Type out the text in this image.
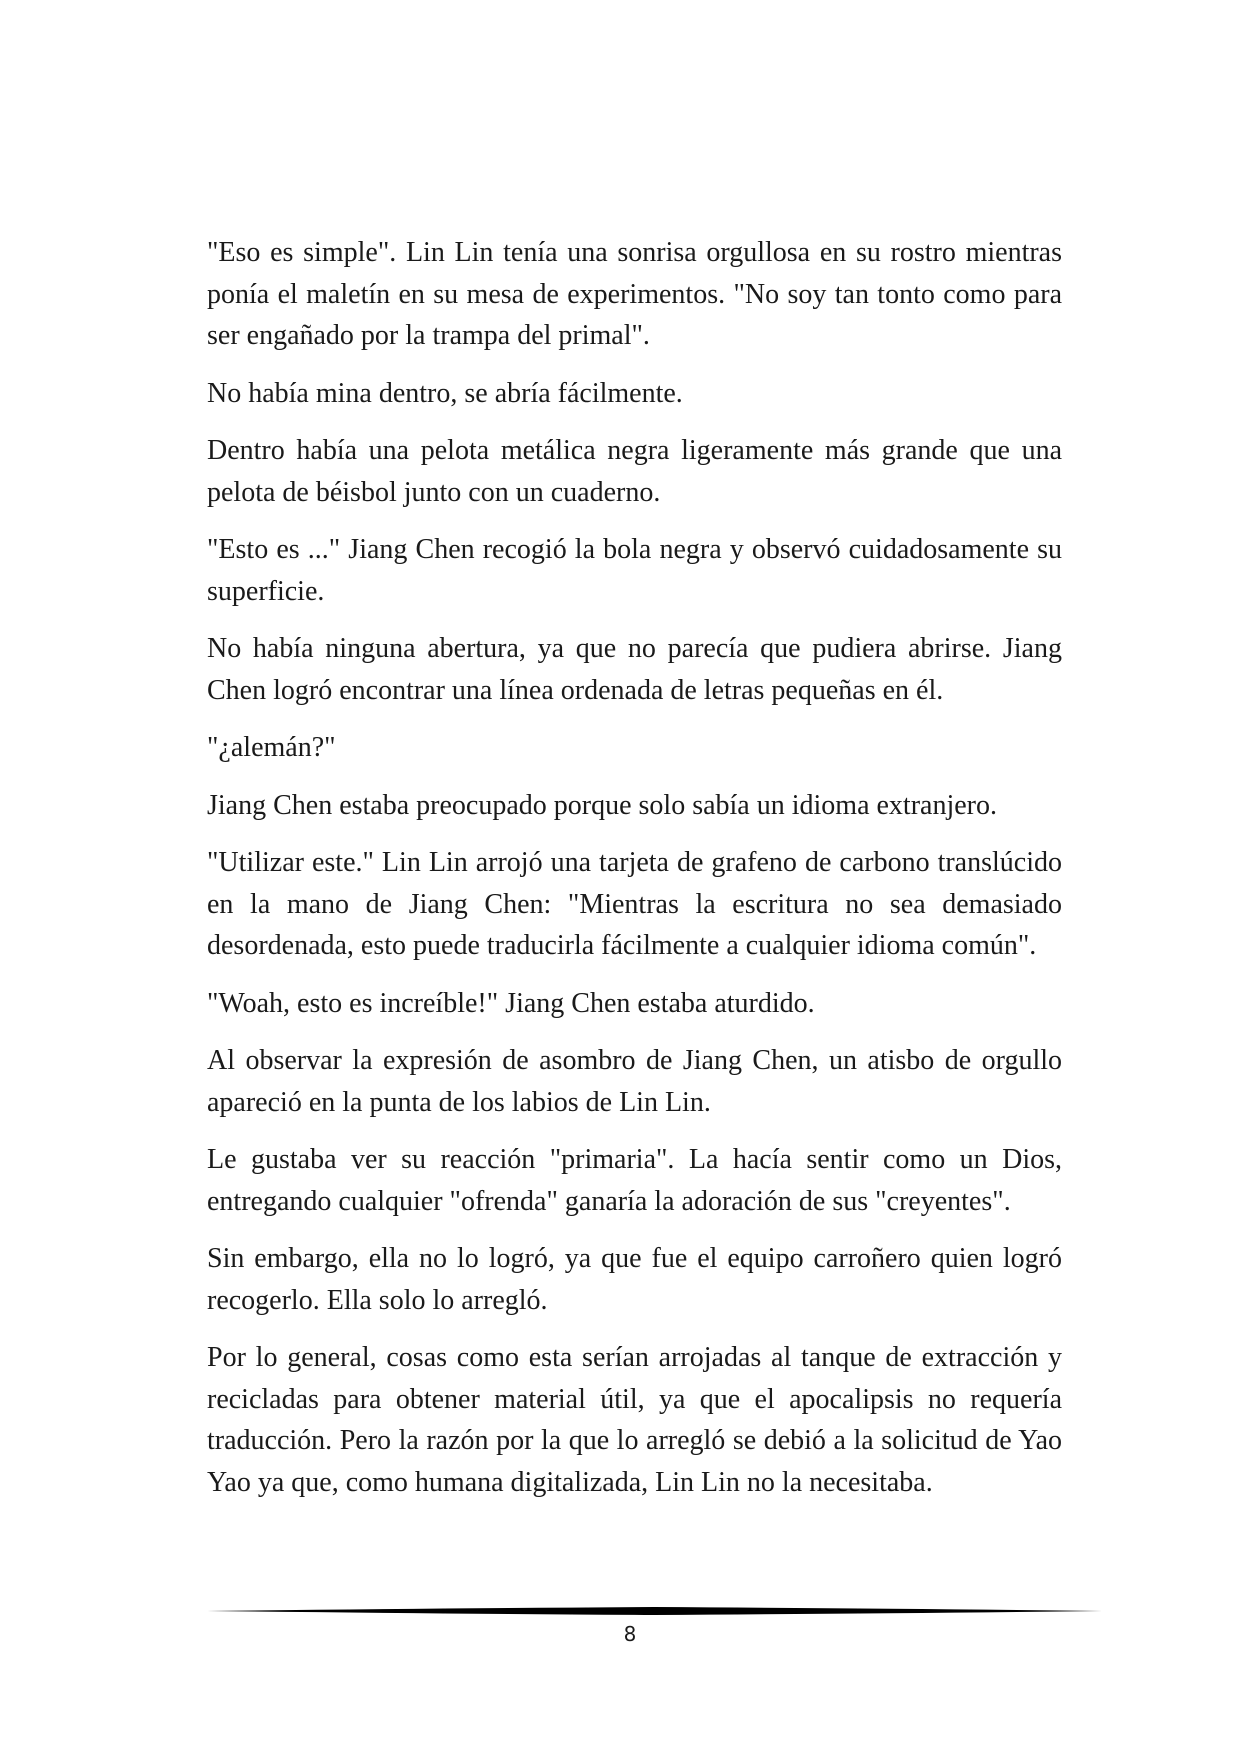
"Eso es simple". Lin Lin tenía una sonrisa orgullosa en su rostro mientras ponía el maletín en su mesa de experimentos. "No soy tan tonto como para ser engañado por la trampa del primal".

No había mina dentro, se abría fácilmente.

Dentro había una pelota metálica negra ligeramente más grande que una pelota de béisbol junto con un cuaderno.

"Esto es ..." Jiang Chen recogió la bola negra y observó cuidadosamente su superficie.

No había ninguna abertura, ya que no parecía que pudiera abrirse. Jiang Chen logró encontrar una línea ordenada de letras pequeñas en él.

"¿alemán?"

Jiang Chen estaba preocupado porque solo sabía un idioma extranjero.

"Utilizar este." Lin Lin arrojó una tarjeta de grafeno de carbono translúcido en la mano de Jiang Chen: "Mientras la escritura no sea demasiado desordenada, esto puede traducirla fácilmente a cualquier idioma común".

"Woah, esto es increíble!" Jiang Chen estaba aturdido.

Al observar la expresión de asombro de Jiang Chen, un atisbo de orgullo apareció en la punta de los labios de Lin Lin.

Le gustaba ver su reacción "primaria". La hacía sentir como un Dios, entregando cualquier "ofrenda" ganaría la adoración de sus "creyentes".

Sin embargo, ella no lo logró, ya que fue el equipo carroñero quien logró recogerlo. Ella solo lo arregló.

Por lo general, cosas como esta serían arrojadas al tanque de extracción y recicladas para obtener material útil, ya que el apocalipsis no requería traducción. Pero la razón por la que lo arregló se debió a la solicitud de Yao Yao ya que, como humana digitalizada, Lin Lin no la necesitaba.

8
